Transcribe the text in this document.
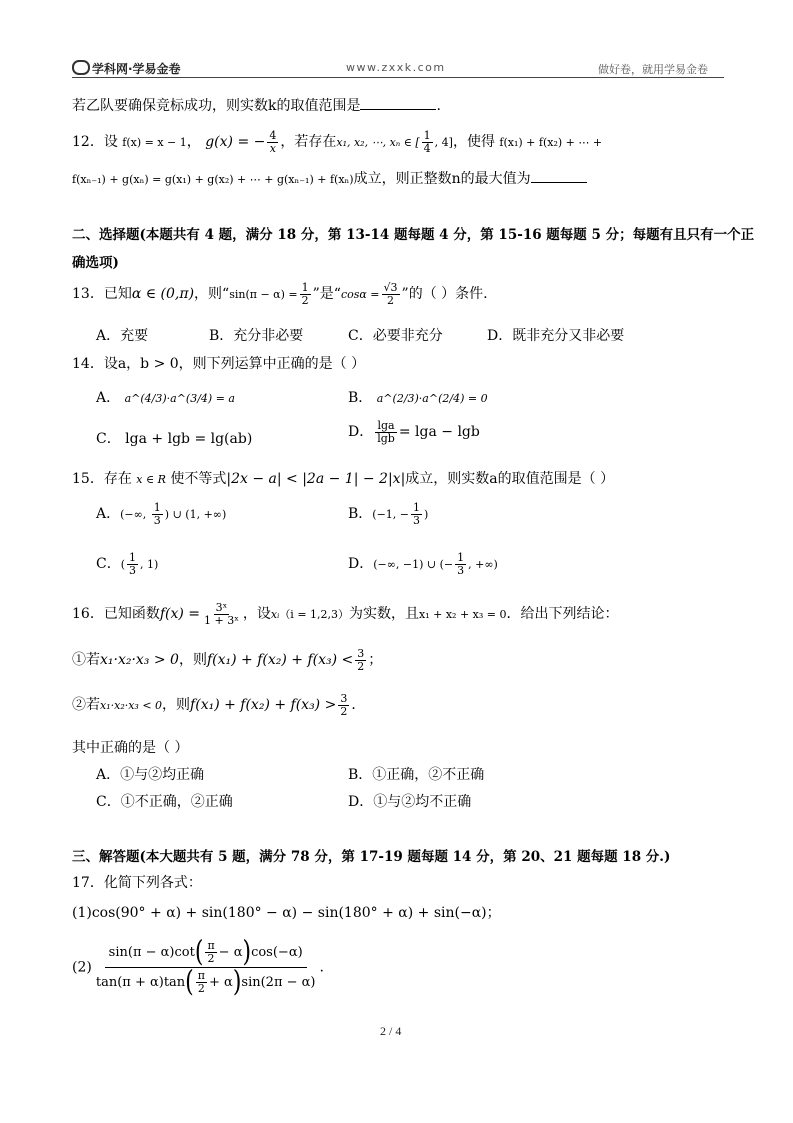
学科网·学易金卷	www.zxxk.com	做好卷，就用学易金卷
若乙队要确保竞标成功，则实数k的取值范围是	.
12．设 f(x) = x − 1， g(x) = − $\frac{4}{x}$ ，若存在x₁, x₂, ⋯, xₙ ∈ [ $\frac{1}{4}$ , 4]，使得 f(x₁) + f(x₂) + ⋯ +
f(xₙ₋₁) + g(xₙ) = g(x₁) + g(x₂) + ⋯ + g(xₙ₋₁) + f(xₙ)成立，则正整数n的最大值为
二、选择题(本题共有 4 题，满分 18 分，第 13-14 题每题 4 分，第 15-16 题每题 5 分；每题有且只有一个正
确选项)
13．已知α ∈ (0,π)，则“$\sin(\pi - \alpha) = \frac{1}{2}$ ”是“$\cos\alpha = \frac{√3}{2}$ ”的（ ）条件.
A．充要	B．充分非必要	C．必要非充分	D．既非充分又非必要
14．设a，b > 0，则下列运算中正确的是（ ）
A． a^(4/3)·a^(3/4) = a	B． a^(2/3)·a^(2/4) = 0
C． lga + lgb = lg(ab)	D． $\frac{\lg a}{\lg b} = \lg a - \lg b$
15．存在 x ∈ R 使不等式|2x − a| < |2a − 1| − 2|x|成立，则实数a的取值范围是（ ）
A．(−∞, $\frac{1}{3}$ ) ∪ (1, +∞)	B．(−1, − $\frac{1}{3}$ )
C．( $\frac{1}{3}$ , 1)	D．(−∞, −1) ∪ (− $\frac{1}{3}$ , +∞)
16．已知函数$f(x) = \frac{\text{3ˣ}}{\text{1 + 3ˣ}}$ ，设xᵢ（i = 1,2,3）为实数，且x₁ + x₂ + x₃ = 0．给出下列结论：
①若x₁·x₂·x₃ > 0，则$f(x_1) + f(x_2) + f(x_3) < \frac{3}{2}$ ；
②若x₁·x₂·x₃ < 0，则$f(x_1) + f(x_2) + f(x_3) > \frac{3}{2}$ ．
其中正确的是（ ）
A．①与②均正确	B．①正确，②不正确
C．①不正确，②正确	D．①与②均不正确
三、解答题(本大题共有 5 题，满分 78 分，第 17-19 题每题 14 分，第 20、21 题每题 18 分.)
17．化简下列各式：
(1)cos(90° + α) + sin(180° − α) − sin(180° + α) + sin(−α)；
$(2) \frac{\sin(\pi - \alpha)\cot( \frac{\pi}{2} - \alpha)\cos(-\alpha)}{\tan(\pi + \alpha)\tan( \frac{\pi}{2} + \alpha)\sin(2\pi - \alpha)}$ .
2 / 4
